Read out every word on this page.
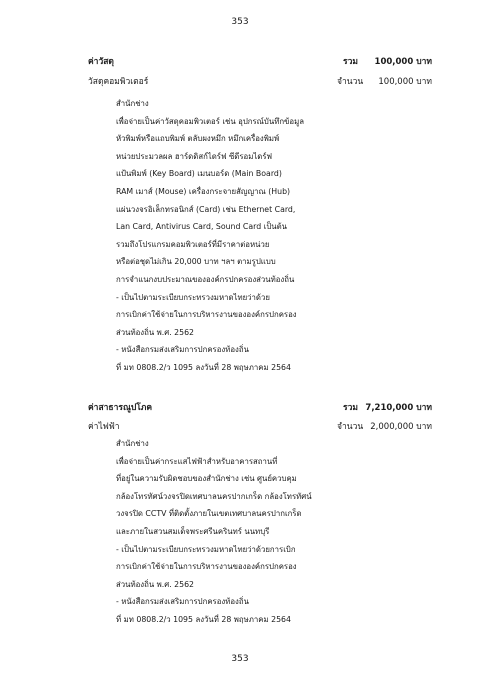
353
ค่าวัสดุ	รวม 100,000 บาท
วัสดุคอมพิวเตอร์	จำนวน 100,000 บาท
สำนักช่าง
เพื่อจ่ายเป็นค่าวัสดุคอมพิวเตอร์ เช่น อุปกรณ์บันทึกข้อมูล
หัวพิมพ์หรือแถบพิมพ์ ตลับผงหมึก หมึกเครื่องพิมพ์
หน่วยประมวลผล ฮาร์ดดิสก์ไดร์ฟ ซีดีรอมไดร์ฟ
แป้นพิมพ์ (Key Board) เมนบอร์ด (Main Board)
RAM เมาส์ (Mouse) เครื่องกระจายสัญญาณ (Hub)
แผ่นวงจรอิเล็กทรอนิกส์ (Card) เช่น Ethernet Card,
Lan Card, Antivirus Card, Sound Card เป็นต้น
รวมถึงโปรแกรมคอมพิวเตอร์ที่มีราคาต่อหน่วย
หรือต่อชุดไม่เกิน 20,000 บาท ฯลฯ ตามรูปแบบ
การจำแนกงบประมาณขององค์กรปกครองส่วนท้องถิ่น
- เป็นไปตามระเบียบกระทรวงมหาดไทยว่าด้วย
การเบิกค่าใช้จ่ายในการบริหารงานขององค์กรปกครอง
ส่วนท้องถิ่น พ.ศ. 2562
- หนังสือกรมส่งเสริมการปกครองท้องถิ่น
ที่ มท 0808.2/ว 1095 ลงวันที่ 28 พฤษภาคม 2564
ค่าสาธารณูปโภค	รวม 7,210,000 บาท
ค่าไฟฟ้า	จำนวน 2,000,000 บาท
สำนักช่าง
เพื่อจ่ายเป็นค่ากระแสไฟฟ้าสำหรับอาคารสถานที่
ที่อยู่ในความรับผิดชอบของสำนักช่าง เช่น ศูนย์ควบคุม
กล้องโทรทัศน์วงจรปิดเทศบาลนครปากเกร็ด กล้องโทรทัศน์
วงจรปิด CCTV ที่ติดตั้งภายในเขตเทศบาลนครปากเกร็ด
และภายในสวนสมเด็จพระศรีนครินทร์ นนทบุรี
- เป็นไปตามระเบียบกระทรวงมหาดไทยว่าด้วยการเบิก
การเบิกค่าใช้จ่ายในการบริหารงานขององค์กรปกครอง
ส่วนท้องถิ่น พ.ศ. 2562
- หนังสือกรมส่งเสริมการปกครองท้องถิ่น
ที่ มท 0808.2/ว 1095 ลงวันที่ 28 พฤษภาคม 2564
353
